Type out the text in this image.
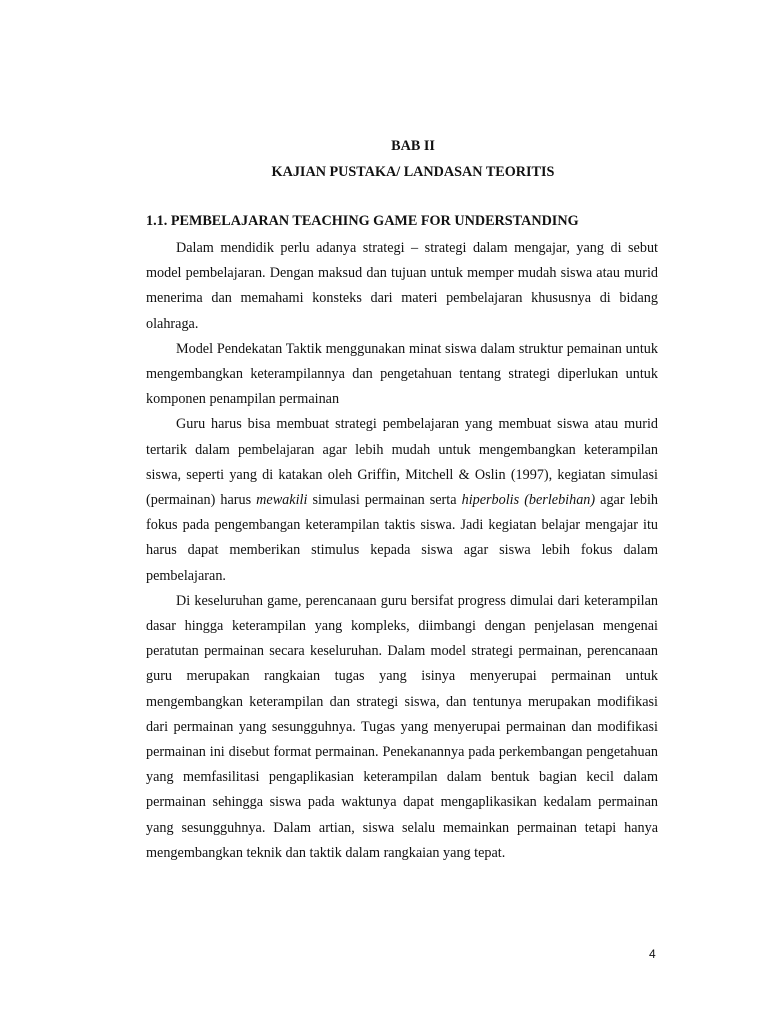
BAB II
KAJIAN PUSTAKA/ LANDASAN TEORITIS
1.1. PEMBELAJARAN TEACHING GAME FOR UNDERSTANDING

Dalam mendidik perlu adanya strategi – strategi dalam mengajar, yang di sebut model pembelajaran. Dengan maksud dan tujuan untuk memper mudah siswa atau murid menerima dan memahami konsteks dari materi pembelajaran khususnya di bidang olahraga.

Model Pendekatan Taktik menggunakan minat siswa dalam struktur pemainan untuk mengembangkan keterampilannya dan pengetahuan tentang strategi diperlukan untuk komponen penampilan permainan

Guru harus bisa membuat strategi pembelajaran yang membuat siswa atau murid tertarik dalam pembelajaran agar lebih mudah untuk mengembangkan keterampilan siswa, seperti yang di katakan oleh Griffin, Mitchell & Oslin (1997), kegiatan simulasi (permainan) harus mewakili simulasi permainan serta hiperbolis (berlebihan) agar lebih fokus pada pengembangan keterampilan taktis siswa. Jadi kegiatan belajar mengajar itu harus dapat memberikan stimulus kepada siswa agar siswa lebih fokus dalam pembelajaran.

Di keseluruhan game, perencanaan guru bersifat progress dimulai dari keterampilan dasar hingga keterampilan yang kompleks, diimbangi dengan penjelasan mengenai peratutan permainan secara keseluruhan. Dalam model strategi permainan, perencanaan guru merupakan rangkaian tugas yang isinya menyerupai permainan untuk mengembangkan keterampilan dan strategi siswa, dan tentunya merupakan modifikasi dari permainan yang sesungguhnya. Tugas yang menyerupai permainan dan modifikasi permainan ini disebut format permainan. Penekanannya pada perkembangan pengetahuan yang memfasilitasi pengaplikasian keterampilan dalam bentuk bagian kecil dalam permainan sehingga siswa pada waktunya dapat mengaplikasikan kedalam permainan yang sesungguhnya. Dalam artian, siswa selalu memainkan permainan tetapi hanya mengembangkan teknik dan taktik dalam rangkaian yang tepat.

4
